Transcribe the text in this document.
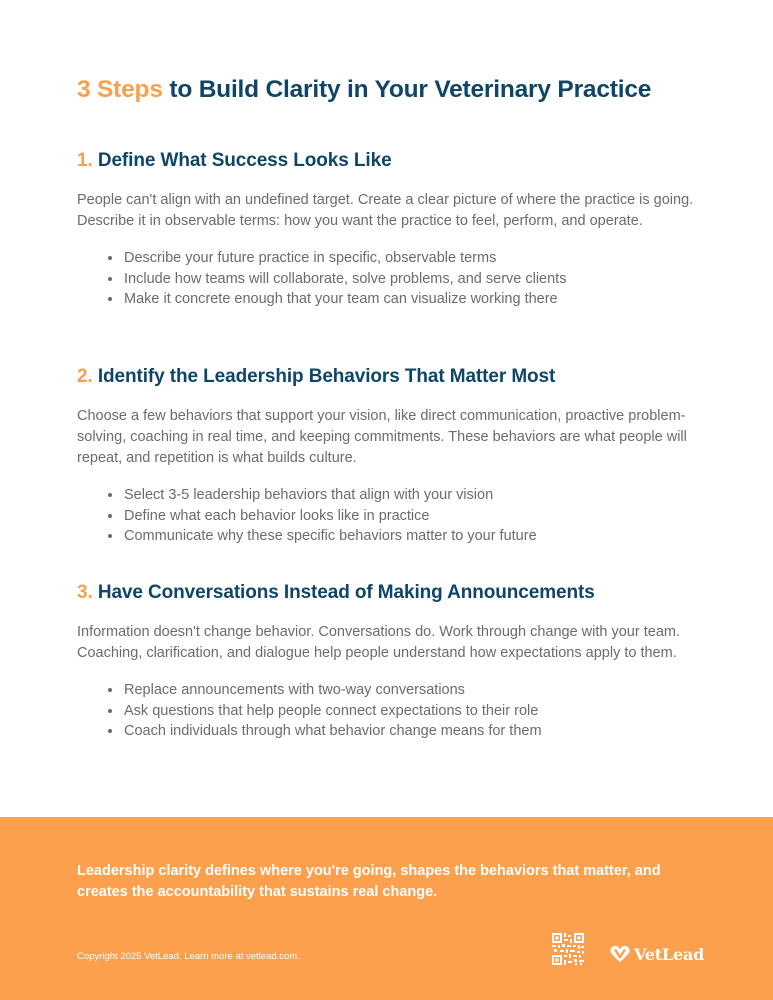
3 Steps to Build Clarity in Your Veterinary Practice
1. Define What Success Looks Like

People can't align with an undefined target. Create a clear picture of where the practice is going. Describe it in observable terms: how you want the practice to feel, perform, and operate.

Describe your future practice in specific, observable terms
Include how teams will collaborate, solve problems, and serve clients
Make it concrete enough that your team can visualize working there
2. Identify the Leadership Behaviors That Matter Most

Choose a few behaviors that support your vision, like direct communication, proactive problem-solving, coaching in real time, and keeping commitments. These behaviors are what people will repeat, and repetition is what builds culture.

Select 3-5 leadership behaviors that align with your vision
Define what each behavior looks like in practice
Communicate why these specific behaviors matter to your future
3. Have Conversations Instead of Making Announcements

Information doesn't change behavior. Conversations do. Work through change with your team. Coaching, clarification, and dialogue help people understand how expectations apply to them.

Replace announcements with two-way conversations
Ask questions that help people connect expectations to their role
Coach individuals through what behavior change means for them

Leadership clarity defines where you're going, shapes the behaviors that matter, and creates the accountability that sustains real change.

Copyright 2025 VetLead. Learn more at vetlead.com.	VetLead
